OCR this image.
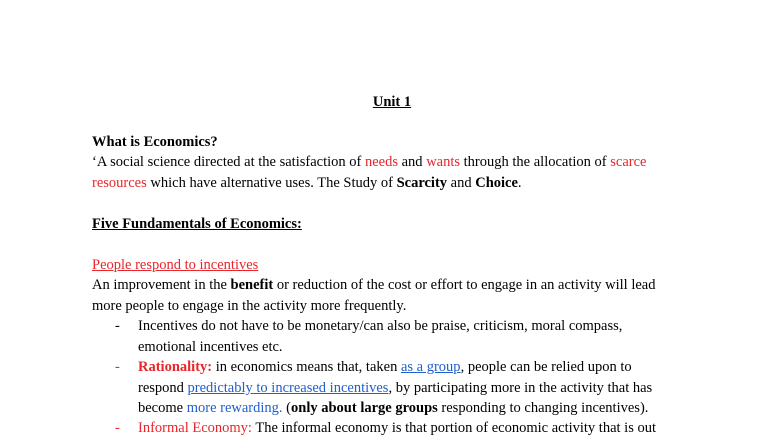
Unit 1
What is Economics?
‘A social science directed at the satisfaction of needs and wants through the allocation of scarce
resources which have alternative uses. The Study of Scarcity and Choice.
Five Fundamentals of Economics:
People respond to incentives
An improvement in the benefit or reduction of the cost or effort to engage in an activity will lead
more people to engage in the activity more frequently.
- Incentives do not have to be monetary/can also be praise, criticism, moral compass,
emotional incentives etc.
- Rationality: in economics means that, taken as a group, people can be relied upon to
respond predictably to increased incentives, by participating more in the activity that has
become more rewarding. (only about large groups responding to changing incentives).
- Informal Economy: The informal economy is that portion of economic activity that is out
